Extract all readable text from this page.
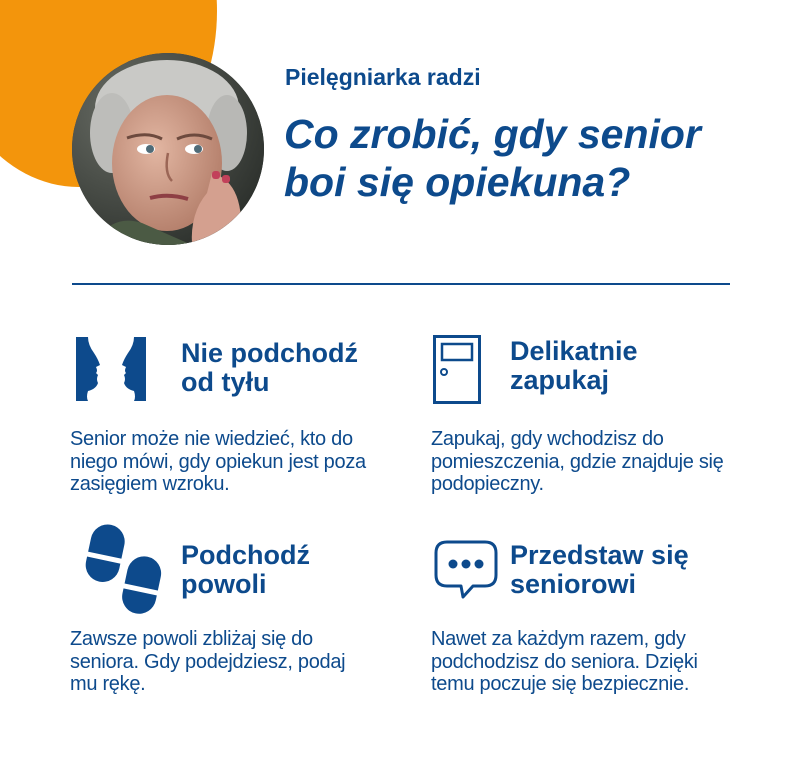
Pielęgniarka radzi
Co zrobić, gdy senior
boi się opiekuna?
Nie podchodź
od tyłu
Senior może nie wiedzieć, kto do
niego mówi, gdy opiekun jest poza
zasięgiem wzroku.
Delikatnie
zapukaj
Zapukaj, gdy wchodzisz do
pomieszczenia, gdzie znajduje się
podopieczny.
Podchodź
powoli
Zawsze powoli zbliżaj się do
seniora. Gdy podejdziesz, podaj
mu rękę.
Przedstaw się
seniorowi
Nawet za każdym razem, gdy
podchodzisz do seniora. Dzięki
temu poczuje się bezpiecznie.
